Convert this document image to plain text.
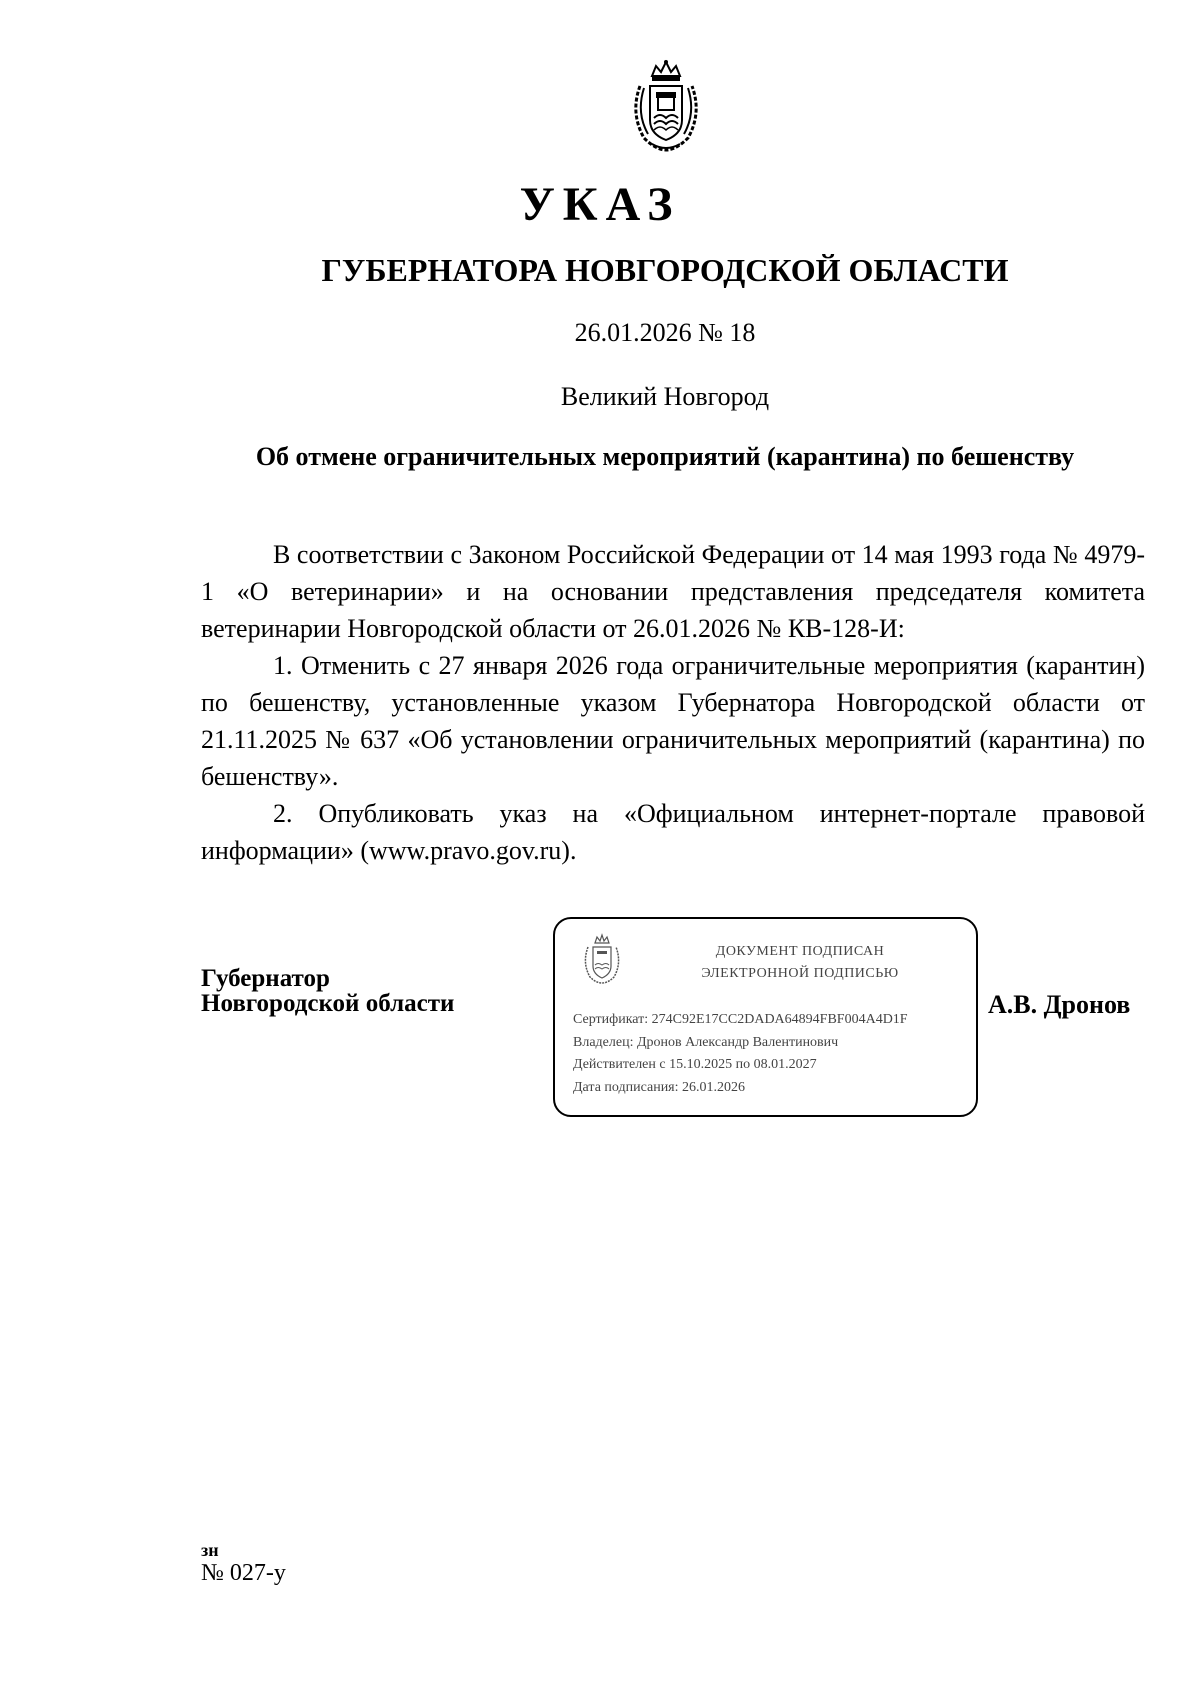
УКАЗ
ГУБЕРНАТОРА НОВГОРОДСКОЙ ОБЛАСТИ
26.01.2026 № 18
Великий Новгород
Об отмене ограничительных мероприятий (карантина) по бешенству

В соответствии с Законом Российской Федерации от 14 мая 1993 года № 4979-1 «О ветеринарии» и на основании представления председателя комитета ветеринарии Новгородской области от 26.01.2026 № КВ-128-И:

1. Отменить с 27 января 2026 года ограничительные мероприятия (карантин) по бешенству, установленные указом Губернатора Новгородской области от 21.11.2025 № 637 «Об установлении ограничительных мероприятий (карантина) по бешенству».

2. Опубликовать указ на «Официальном интернет-портале правовой информации» (www.pravo.gov.ru).

Губернатор
Новгородской области
ДОКУМЕНТ ПОДПИСАН
ЭЛЕКТРОННОЙ ПОДПИСЬЮ
Сертификат: 274C92E17CC2DADA64894FBF004A4D1F
Владелец: Дронов Александр Валентинович
Действителен с 15.10.2025 по 08.01.2027
Дата подписания: 26.01.2026
А.В. Дронов
зн
№ 027-у
